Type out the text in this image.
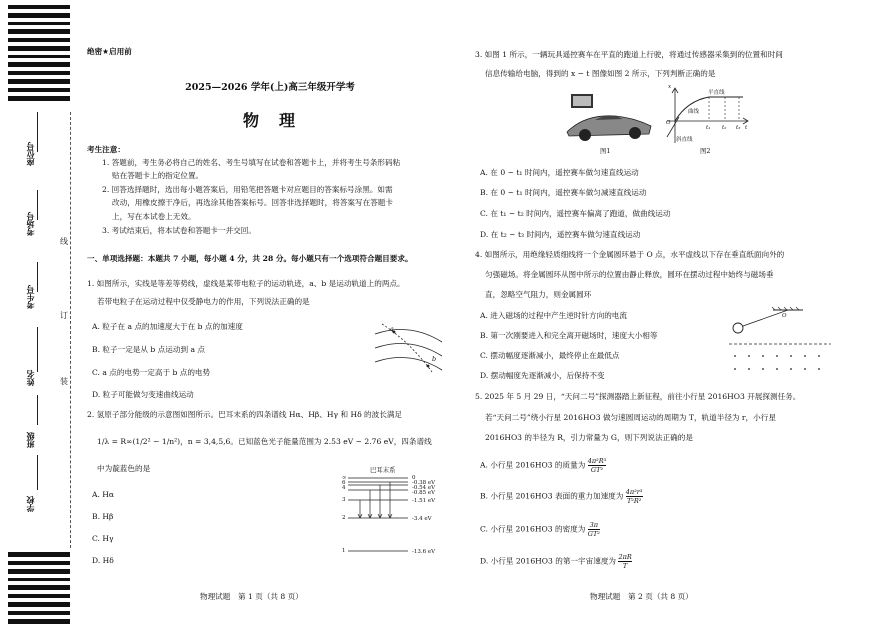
座位号
考场号
考生号
姓名
班级
学校
线
订
装
绝密★启用前
2025—2026 学年(上)高三年级开学考
物　理
考生注意：
1. 答题前，考生务必将自己的姓名、考生号填写在试卷和答题卡上，并将考生号条形码粘
　 贴在答题卡上的指定位置。
2. 回答选择题时，选出每小题答案后，用铅笔把答题卡对应题目的答案标号涂黑。如需
　 改动，用橡皮擦干净后，再选涂其他答案标号。回答非选择题时，将答案写在答题卡
　 上，写在本试卷上无效。
3. 考试结束后，将本试卷和答题卡一并交回。
一、单项选择题：本题共 7 小题，每小题 4 分，共 28 分。每小题只有一个选项符合题目要求。
1. 如图所示，实线是等差等势线，虚线是某带电粒子的运动轨迹，a、b 是运动轨道上的两点。
　 若带电粒子在运动过程中仅受静电力的作用，下列说法正确的是
A. 粒子在 a 点的加速度大于在 b 点的加速度
B. 粒子一定是从 b 点运动到 a 点
C. a 点的电势一定高于 b 点的电势
D. 粒子可能做匀变速曲线运动
a
b
2. 氢原子部分能级的示意图如图所示。巴耳末系的四条谱线 Hα、Hβ、Hγ 和 Hδ 的波长满足
　 1/λ = R∞(1/2² − 1/n²)，n = 3,4,5,6。已知蓝色光子能量范围为 2.53 eV ~ 2.76 eV，四条谱线
　 中为靛蓝色的是
A. Hα
B. Hβ
C. Hγ
D. Hδ
巴耳末系
∞
6
4
3
2
1
0
-0.38 eV
-0.54 eV
-0.85 eV
-1.51 eV
-3.4 eV
-13.6 eV
物理试题　第 1 页（共 8 页）
3. 如图 1 所示，一辆玩具遥控赛车在平直的跑道上行驶，将通过传感器采集到的位置和时间
　 信息传输给电脑，得到的 x − t 图像如图 2 所示，下列判断正确的是
图1
x
t
O
平直线
曲线
斜直线
t₁ t₂ t₃
图2
A. 在 0 ~ t₁ 时间内，遥控赛车做匀速直线运动
B. 在 0 ~ t₁ 时间内，遥控赛车做匀减速直线运动
C. 在 t₁ ~ t₂ 时间内，遥控赛车偏离了跑道，做曲线运动
D. 在 t₂ ~ t₃ 时间内，遥控赛车做匀速直线运动
4. 如图所示，用绝缘轻质细线将一个金属圆环悬于 O 点，水平虚线以下存在垂直纸面向外的
　 匀强磁场。将金属圆环从图中所示的位置由静止释放，圆环在摆动过程中始终与磁场垂
　 直，忽略空气阻力，则金属圆环
A. 进入磁场的过程中产生逆时针方向的电流
B. 第一次刚要进入和完全离开磁场时，速度大小相等
C. 摆动幅度逐渐减小，最终停止在最低点
D. 摆动幅度先逐渐减小，后保持不变
O
5. 2025 年 5 月 29 日，“天问二号”探测器踏上新征程，前往小行星 2016HO3 开展探测任务。
　 若“天问二号”绕小行星 2016HO3 做匀速圆周运动的周期为 T，轨道半径为 r，小行星
　 2016HO3 的半径为 R，引力常量为 G，则下列说法正确的是
A. 小行星 2016HO3 的质量为 $\frac{\text{4π²R³}}{\text{GT²}}$
B. 小行星 2016HO3 表面的重力加速度为 $\frac{\text{4π²r³}}{\text{T²R²}}$
C. 小行星 2016HO3 的密度为 $\frac{3\pi}{\text{GT²}}$
D. 小行星 2016HO3 的第一宇宙速度为 $\frac{2\pi R}{T}$
物理试题　第 2 页（共 8 页）
